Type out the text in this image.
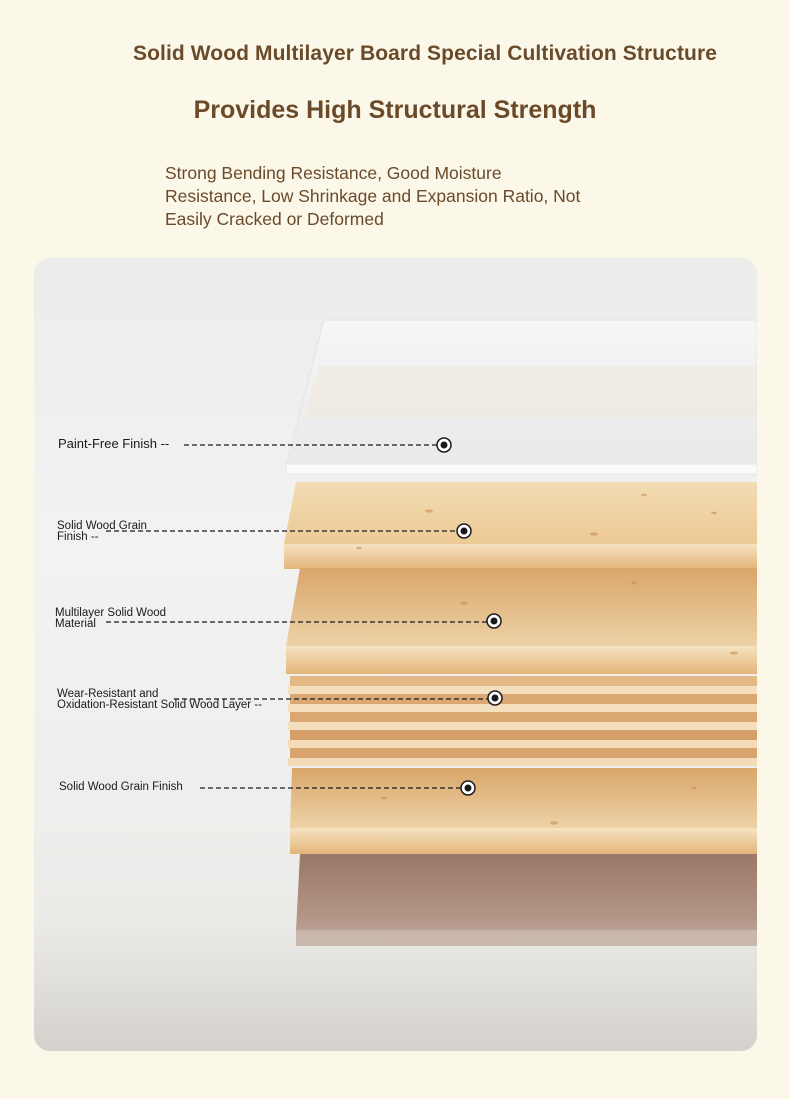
Solid Wood Multilayer Board Special Cultivation Structure
Provides High Structural Strength
Strong Bending Resistance, Good Moisture
Resistance, Low Shrinkage and Expansion Ratio, Not
Easily Cracked or Deformed
Paint-Free Finish --
Solid Wood Grain
Finish --
Multilayer Solid Wood
Material
Wear-Resistant and
Oxidation-Resistant Solid Wood Layer --
Solid Wood Grain Finish
